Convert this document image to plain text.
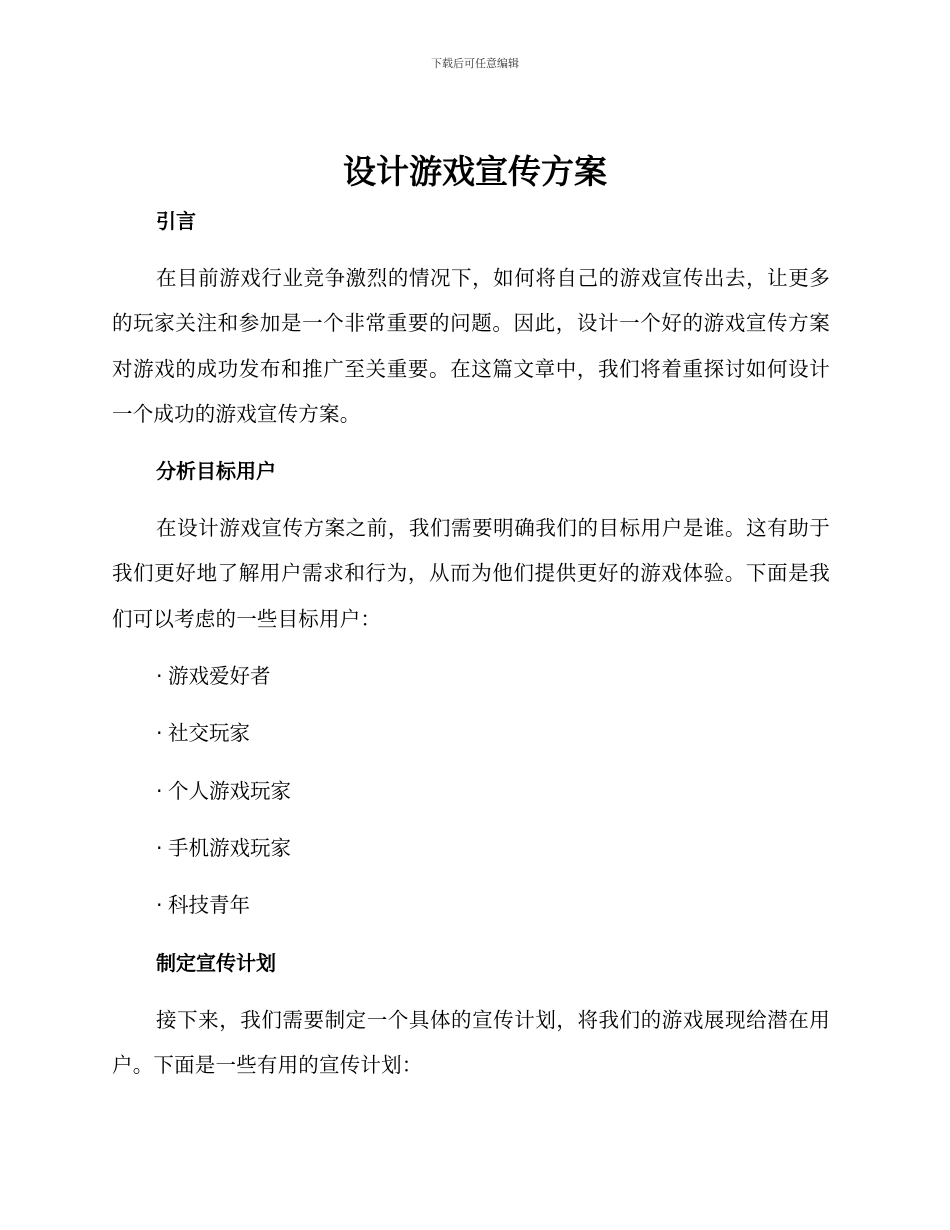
下载后可任意编辑
设计游戏宣传方案
引言

在目前游戏行业竞争激烈的情况下，如何将自己的游戏宣传出去，让更多的玩家关注和参加是一个非常重要的问题。因此，设计一个好的游戏宣传方案对游戏的成功发布和推广至关重要。在这篇文章中，我们将着重探讨如何设计一个成功的游戏宣传方案。

分析目标用户

在设计游戏宣传方案之前，我们需要明确我们的目标用户是谁。这有助于我们更好地了解用户需求和行为，从而为他们提供更好的游戏体验。下面是我们可以考虑的一些目标用户：

· 游戏爱好者
· 社交玩家
· 个人游戏玩家
· 手机游戏玩家
· 科技青年
制定宣传计划

接下来，我们需要制定一个具体的宣传计划，将我们的游戏展现给潜在用户。下面是一些有用的宣传计划：
